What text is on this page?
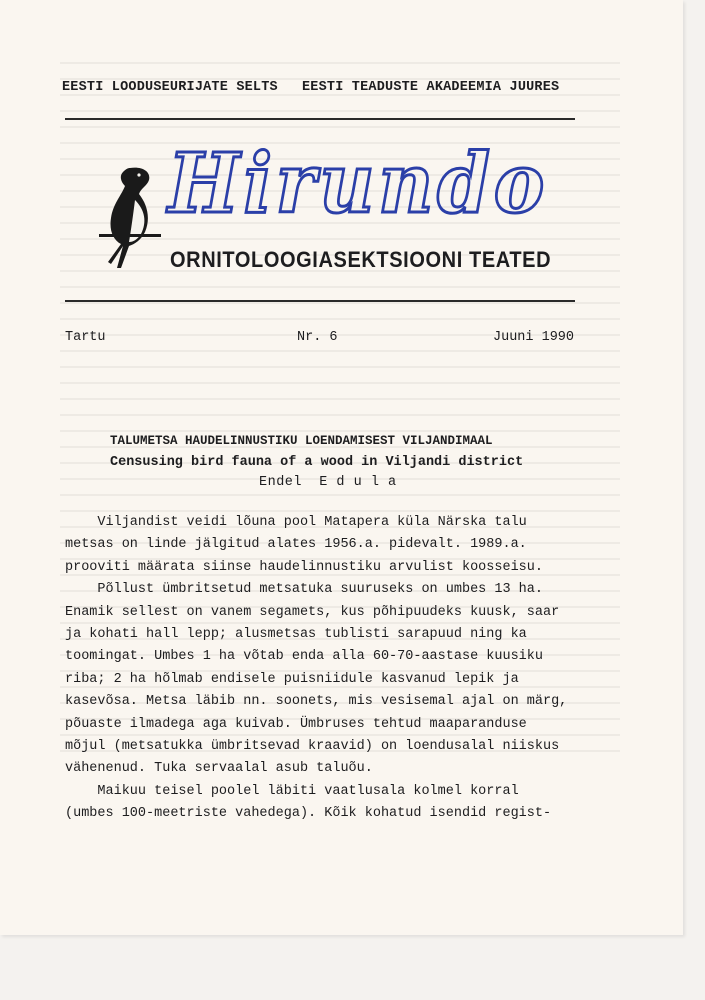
EESTI LOODUSEURIJATE SELTS EESTI TEADUSTE AKADEEMIA JUURES
Hirundo
ORNITOLOOGIASEKTSIOONI TEATED
Tartu	Nr. 6	Juuni 1990
TALUMETSA HAUDELINNUSTIKU LOENDAMISEST VILJANDIMAAL
Censusing bird fauna of a wood in Viljandi district
Endel  E d u l a
Viljandist veidi lõuna pool Matapera küla Närska talu
metsas on linde jälgitud alates 1956.a. pidevalt. 1989.a.
prooviti määrata siinse haudelinnustiku arvulist koosseisu.
Põllust ümbritsetud metsatuka suuruseks on umbes 13 ha.
Enamik sellest on vanem segamets, kus põhipuudeks kuusk, saar
ja kohati hall lepp; alusmetsas tublisti sarapuud ning ka
toomingat. Umbes 1 ha võtab enda alla 60-70-aastase kuusiku
riba; 2 ha hõlmab endisele puisniidule kasvanud lepik ja
kasevõsa. Metsa läbib nn. soonets, mis vesisemal ajal on märg,
põuaste ilmadega aga kuivab. Ümbruses tehtud maaparanduse
mõjul (metsatukka ümbritsevad kraavid) on loendusalal niiskus
vähenenud. Tuka servaalal asub taluõu.
Maikuu teisel poolel läbiti vaatlusala kolmel korral
(umbes 100-meetriste vahedega). Kõik kohatud isendid regist-
